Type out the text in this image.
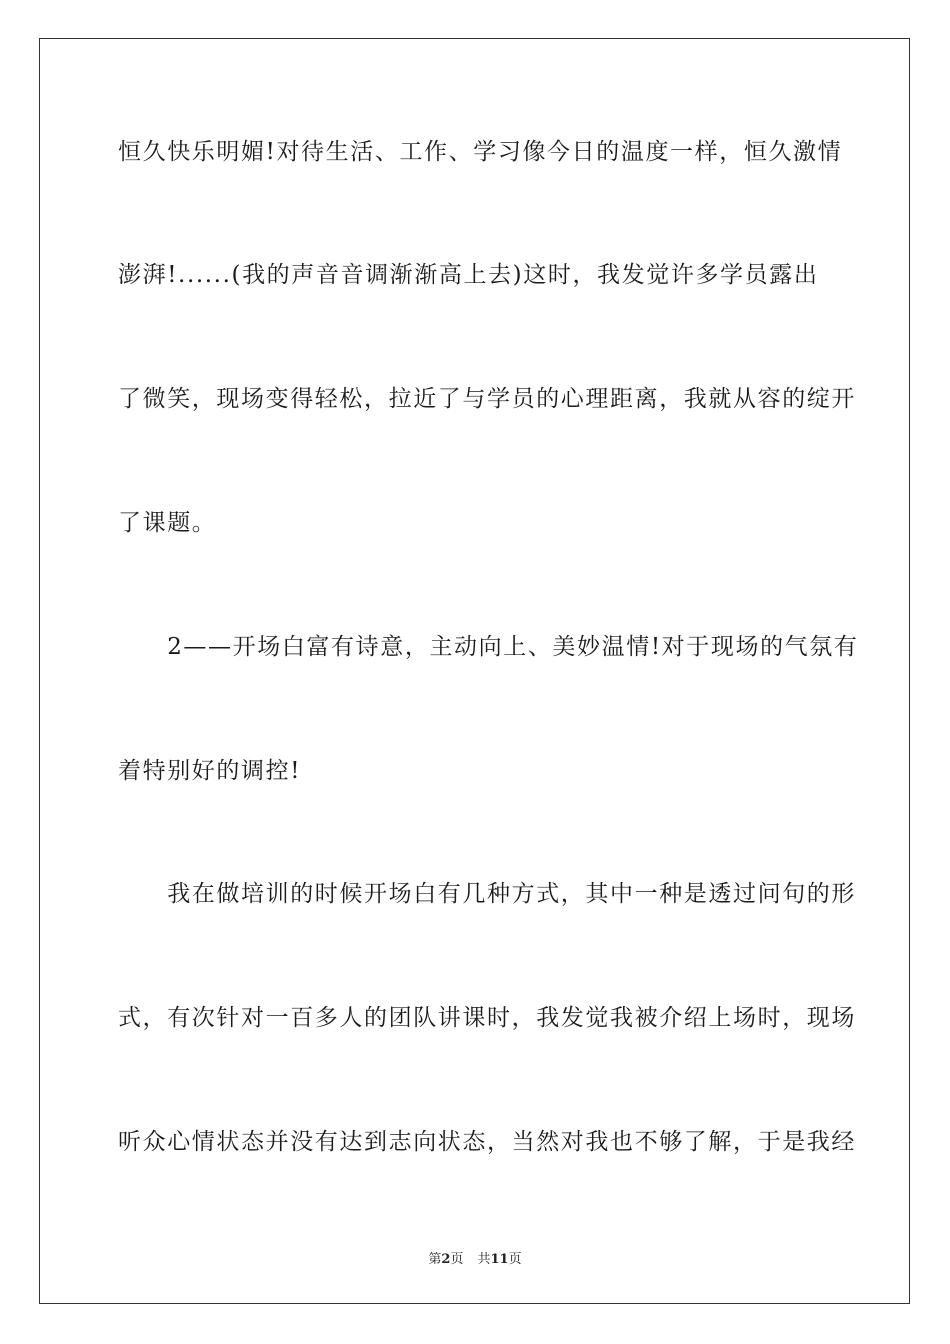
恒久快乐明媚!对待生活、工作、学习像今日的温度一样，恒久激情
澎湃!......(我的声音音调渐渐高上去)这时，我发觉许多学员露出
了微笑，现场变得轻松，拉近了与学员的心理距离，我就从容的绽开
了课题。
　　2——开场白富有诗意，主动向上、美妙温情!对于现场的气氛有
着特别好的调控!
　　我在做培训的时候开场白有几种方式，其中一种是透过问句的形
式，有次针对一百多人的团队讲课时，我发觉我被介绍上场时，现场
听众心情状态并没有达到志向状态，当然对我也不够了解，于是我经
第2页 共11页
